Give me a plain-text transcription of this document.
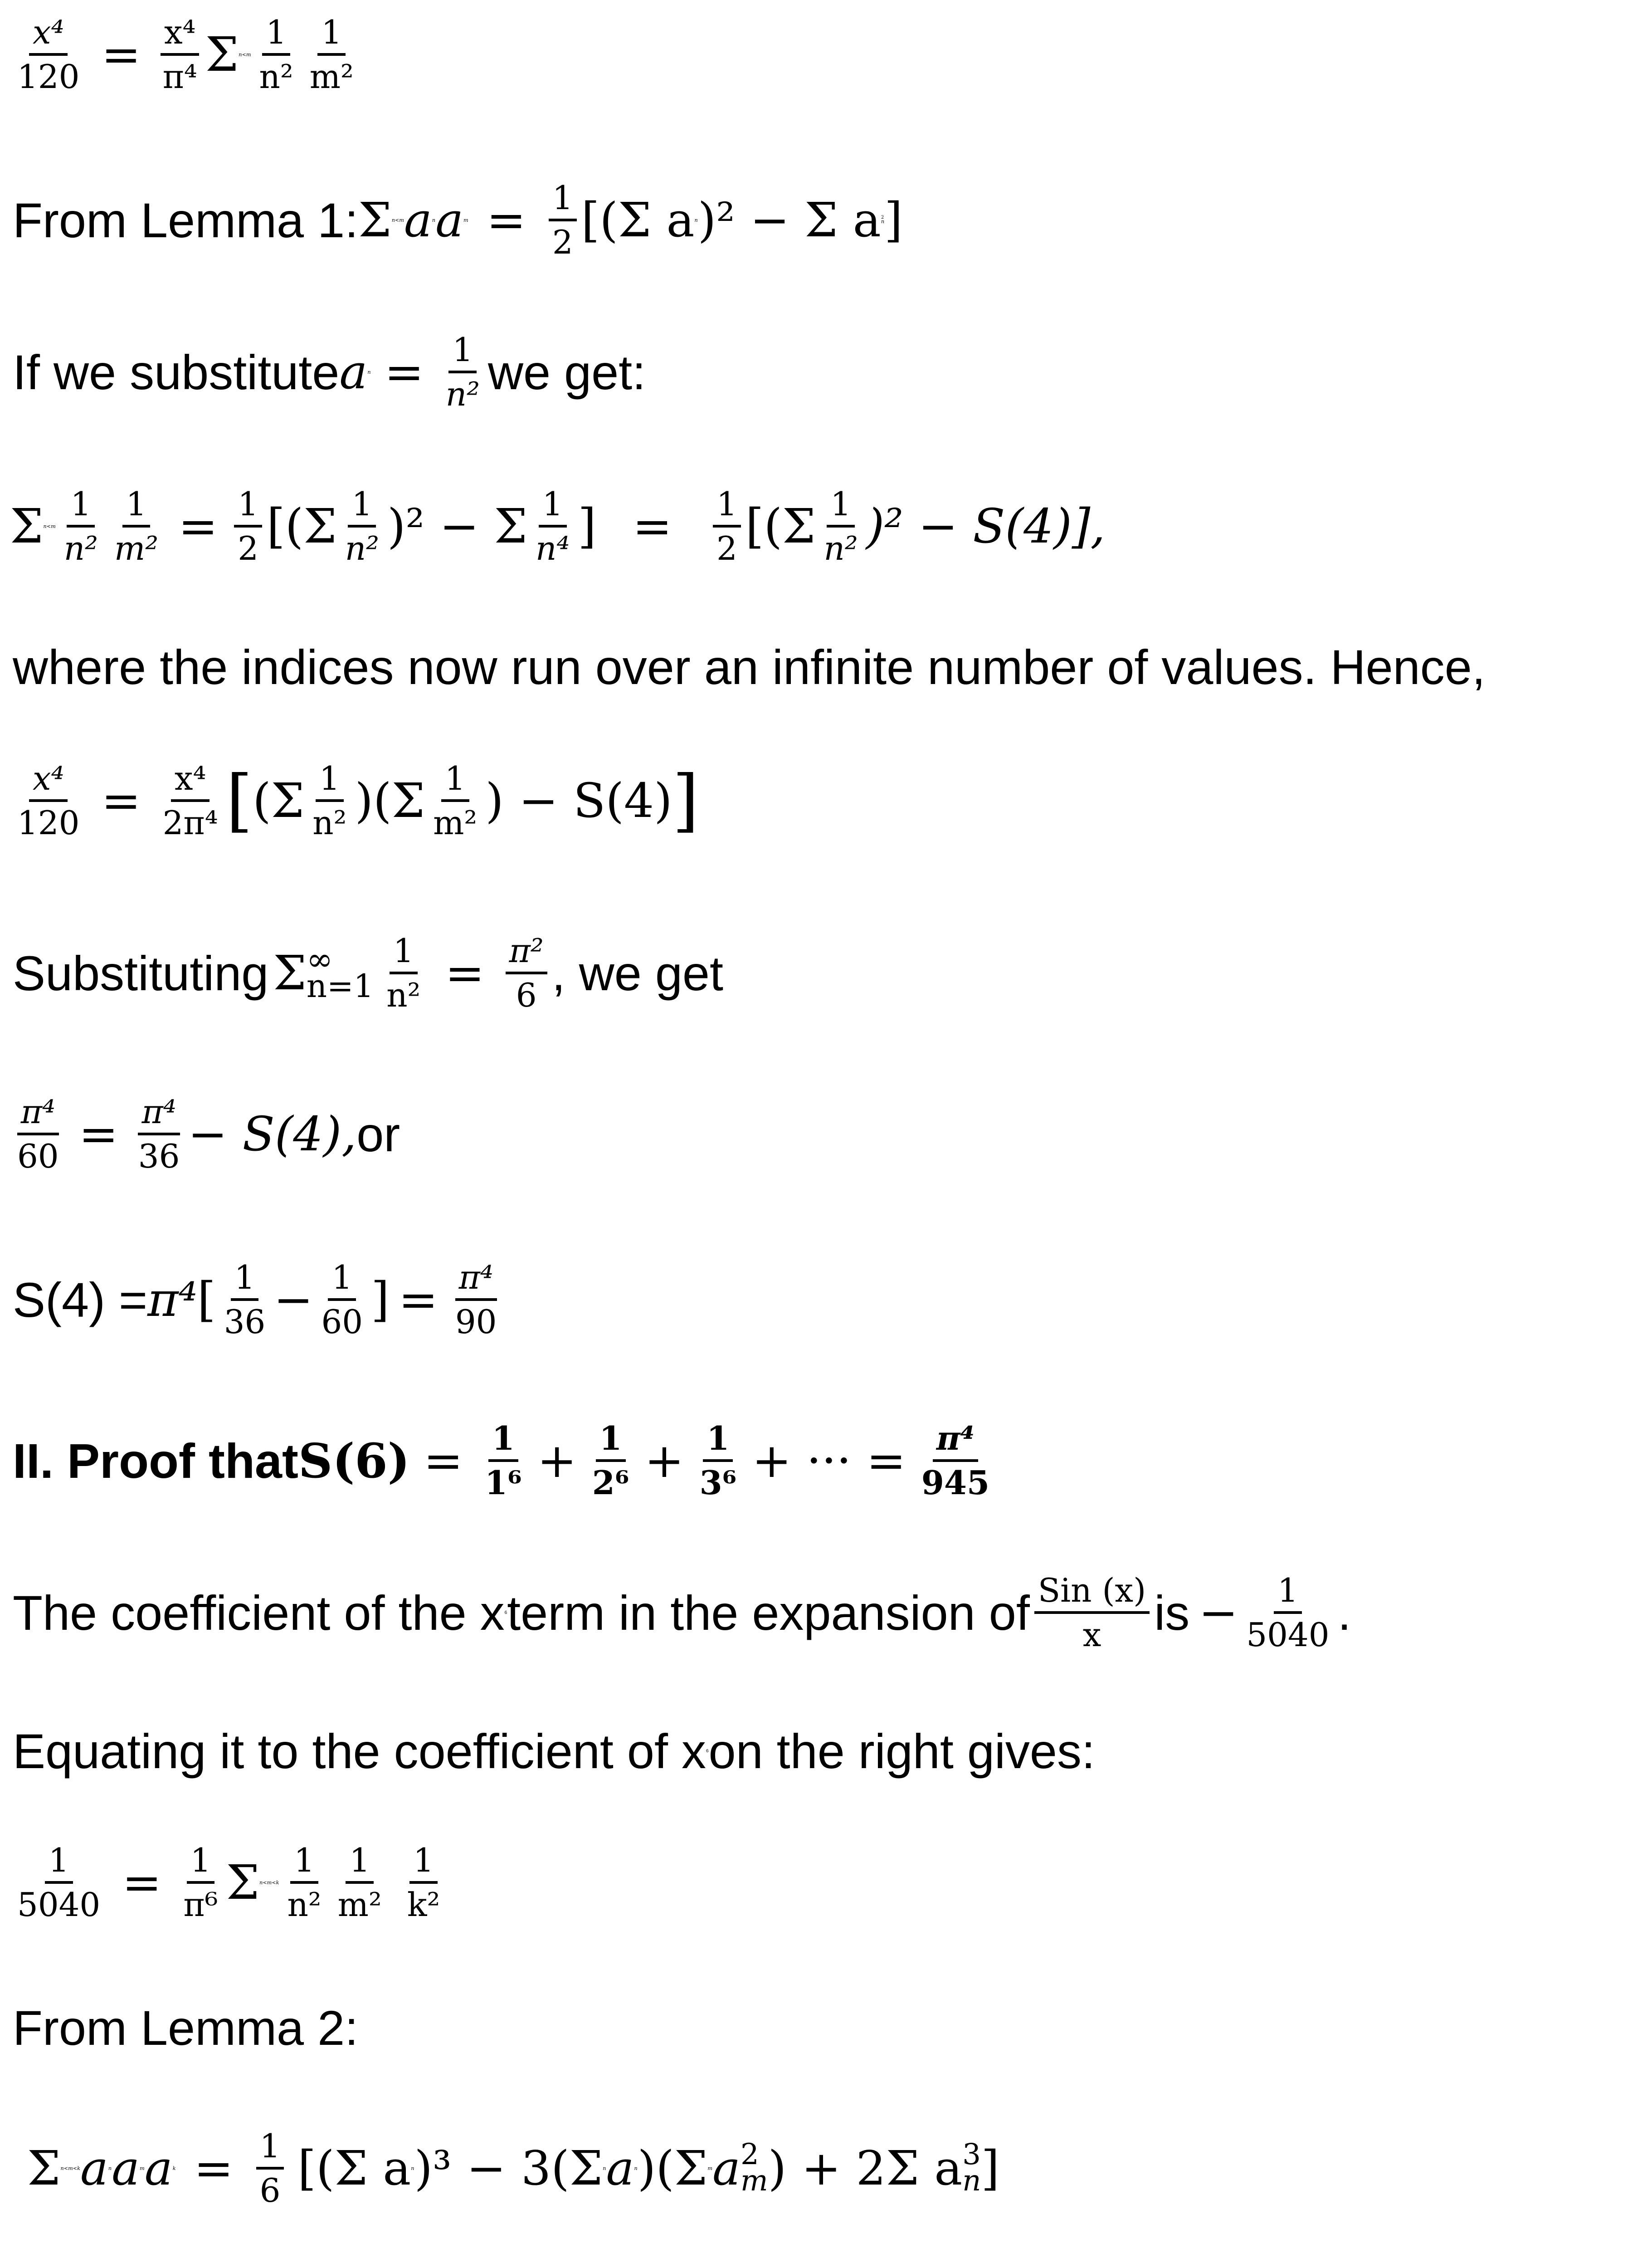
$\frac{\text{x⁴}}{120} = \frac{\text{x⁴}}{\text{π⁴}}$ Σ $n<m \frac{1}{\text{n²}} \frac{1}{\text{m²}}$
From Lemma 1: Σ n<m a n a $m = \frac{1}{2} [(\Sigma$ a n )² − Σ a 2
n ]
If we substitute a $n = \frac{1}{\text{n²}}$ we get:
Σ $n<m \frac{1}{\text{n²}} \frac{1}{\text{m²}} = \frac{1}{2} [(\Sigma \frac{1}{\text{n²}} )^2 - \Sigma \frac{1}{\text{n⁴}}$ ] = $\frac{1}{2} [(\Sigma \frac{1}{\text{n²}} )^2 - S(4)]$,
where the indices now run over an infinite number of values. Hence,
$\frac{\text{x⁴}}{120} = \frac{\text{x⁴}}{\text{2π⁴}}$ [ $(\Sigma \frac{1}{\text{n²}} )(\Sigma \frac{1}{\text{m²}}$ ) − S(4) ]
Substituting Σ ∞
$n=1 \frac{1}{\text{n²}} = \frac{\text{π²}}{6}$ , we get
$\frac{\text{π⁴}}{60} = \frac{\text{π⁴}}{36} - S(4)$, or
S(4) = π⁴ [ $\frac{1}{36} - \frac{1}{60}$ ] = $\frac{\text{π⁴}}{90}$
II. Proof that $S(6) = \frac{1}{\text{1⁶}} + \frac{1}{\text{2⁶}} + \frac{1}{\text{3⁶}}$ + ··· = $\frac{\text{π⁴}}{945}$
The coefficient of the x 6 term in the expansion of $\frac{\text{Sin (x)}}{x}$ is − $\frac{1}{5040}$ .
Equating it to the coefficient of x 6 on the right gives:
$\frac{1}{5040} = \frac{1}{\text{π⁶}}$ Σ $n<m<k \frac{1}{\text{n²}} \frac{1}{\text{m²}} \frac{1}{\text{k²}}$
From Lemma 2:
Σ n<m<k a n a m a $k = \frac{1}{6} [(\Sigma$ a n )³ − 3(Σ n a n )(Σ m a 2
m ) + 2Σ a 3
n ]
